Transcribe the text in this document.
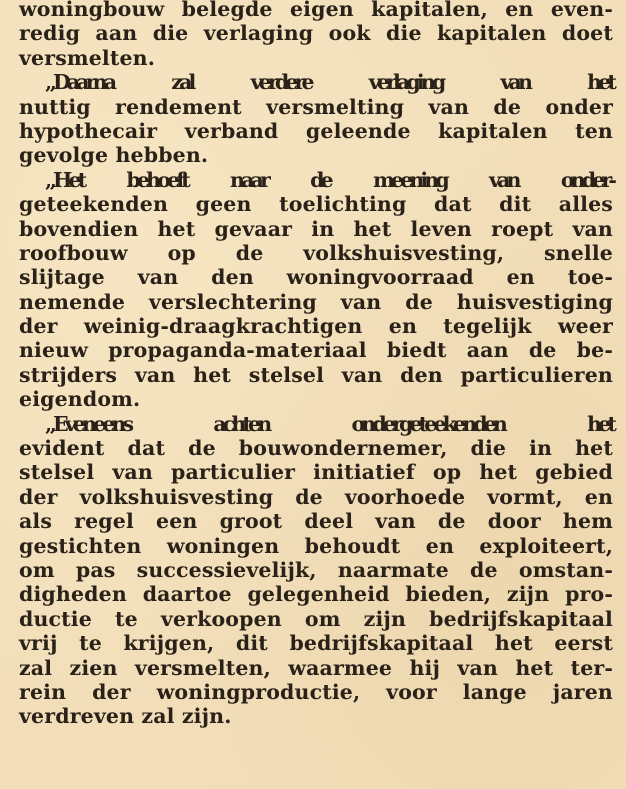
woningbouw belegde eigen kapitalen, en even-
redig aan die verlaging ook die kapitalen doet
versmelten.
„Daarna zal verdere verlaging van het
nuttig rendement versmelting van de onder
hypothecair verband geleende kapitalen ten
gevolge hebben.
„Het behoeft naar de meening van onder-
geteekenden geen toelichting dat dit alles
bovendien het gevaar in het leven roept van
roofbouw op de volkshuisvesting, snelle
slijtage van den woningvoorraad en toe-
nemende verslechtering van de huisvestiging
der weinig-draagkrachtigen en tegelijk weer
nieuw propaganda-materiaal biedt aan de be-
strijders van het stelsel van den particulieren
eigendom.
„Eveneens achten ondergeteekenden het
evident dat de bouwondernemer, die in het
stelsel van particulier initiatief op het gebied
der volkshuisvesting de voorhoede vormt, en
als regel een groot deel van de door hem
gestichten woningen behoudt en exploiteert,
om pas successievelijk, naarmate de omstan-
digheden daartoe gelegenheid bieden, zijn pro-
ductie te verkoopen om zijn bedrijfskapitaal
vrij te krijgen, dit bedrijfskapitaal het eerst
zal zien versmelten, waarmee hij van het ter-
rein der woningproductie, voor lange jaren
verdreven zal zijn.
